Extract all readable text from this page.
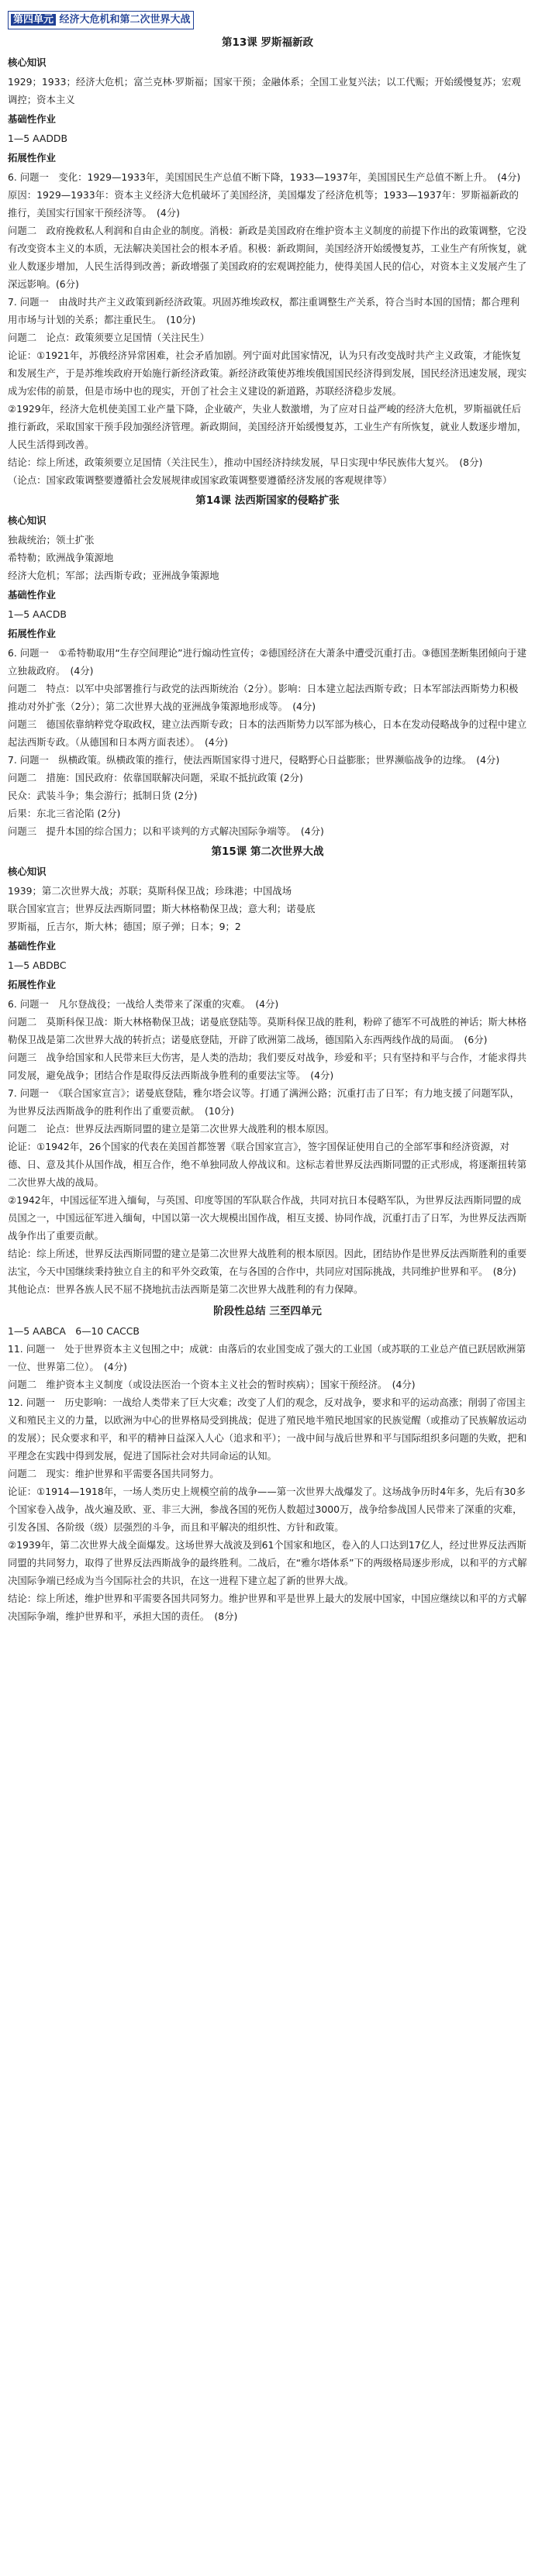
第四单元 经济大危机和第二次世界大战
第13课 罗斯福新政
核心知识

1929；1933；经济大危机；富兰克林·罗斯福；国家干预；金融体系；全国工业复兴法；以工代赈；开始缓慢复苏；宏观调控；资本主义

基础性作业

1—5 AADDB

拓展性作业

6. 问题一　变化：1929—1933年，美国国民生产总值不断下降，1933—1937年，美国国民生产总值不断上升。　(4分)　原因：1929—1933年：资本主义经济大危机破坏了美国经济，美国爆发了经济危机等；1933—1937年：罗斯福新政的推行，美国实行国家干预经济等。　(4分)

问题二　政府挽救私人利润和自由企业的制度。消极：新政是美国政府在维护资本主义制度的前提下作出的政策调整，它没有改变资本主义的本质，无法解决美国社会的根本矛盾。积极：新政期间，美国经济开始缓慢复苏，工业生产有所恢复，就业人数逐步增加，人民生活得到改善；新政增强了美国政府的宏观调控能力，使得美国人民的信心，对资本主义发展产生了深远影响。(6分)

7. 问题一　由战时共产主义政策到新经济政策。巩固苏维埃政权，都注重调整生产关系，符合当时本国的国情；都合理利用市场与计划的关系；都注重民生。　(10分)

问题二　论点：政策须要立足国情（关注民生）

论证：①1921年，苏俄经济异常困难，社会矛盾加剧。列宁面对此国家情况，认为只有改变战时共产主义政策，才能恢复和发展生产，于是苏维埃政府开始施行新经济政策。新经济政策使苏维埃俄国国民经济得到发展，国民经济迅速发展，现实成为宏伟的前景，但是市场中也的现实，开创了社会主义建设的新道路，苏联经济稳步发展。

②1929年，经济大危机使美国工业产量下降，企业破产，失业人数激增，为了应对日益严峻的经济大危机，罗斯福就任后推行新政，采取国家干预手段加强经济管理。新政期间，美国经济开始缓慢复苏，工业生产有所恢复，就业人数逐步增加，人民生活得到改善。

结论：综上所述，政策须要立足国情（关注民生），推动中国经济持续发展，早日实现中华民族伟大复兴。　(8分)

（论点：国家政策调整要遵循社会发展规律或国家政策调整要遵循经济发展的客观规律等）

第14课 法西斯国家的侵略扩张
核心知识

独裁统治；领土扩张

希特勒；欧洲战争策源地

经济大危机；军部；法西斯专政；亚洲战争策源地

基础性作业

1—5 AACDB

拓展性作业

6. 问题一　①希特勒取用“生存空间理论”进行煽动性宣传；②德国经济在大萧条中遭受沉重打击。③德国垄断集团倾向于建立独裁政府。　(4分)

问题二　特点：以军中央部署推行与政党的法西斯统治（2分）。影响：日本建立起法西斯专政；日本军部法西斯势力积极推动对外扩张（2分）；第二次世界大战的亚洲战争策源地形成等。　(4分)

问题三　德国依靠纳粹党夺取政权，建立法西斯专政；日本的法西斯势力以军部为核心，日本在发动侵略战争的过程中建立起法西斯专政。（从德国和日本两方面表述）。　(4分)

7. 问题一　纵横政策。纵横政策的推行，使法西斯国家得寸进尺，侵略野心日益膨胀；世界濒临战争的边缘。　(4分)

问题二　措施：国民政府：依靠国联解决问题，采取不抵抗政策 (2分)

民众：武装斗争；集会游行；抵制日货 (2分)

后果：东北三省沦陷 (2分)

问题三　提升本国的综合国力；以和平谈判的方式解决国际争端等。　(4分)

第15课 第二次世界大战
核心知识

1939；第二次世界大战；苏联；莫斯科保卫战；珍珠港；中国战场

联合国家宣言；世界反法西斯同盟；斯大林格勒保卫战；意大利；诺曼底

罗斯福，丘吉尔，斯大林；德国；原子弹；日本；9；2

基础性作业

1—5 ABDBC

拓展性作业

6. 问题一　凡尔登战役；一战给人类带来了深重的灾难。　(4分)

问题二　莫斯科保卫战：斯大林格勒保卫战；诺曼底登陆等。莫斯科保卫战的胜利，粉碎了德军不可战胜的神话；斯大林格勒保卫战是第二次世界大战的转折点；诺曼底登陆，开辟了欧洲第二战场，德国陷入东西两线作战的局面。　(6分)

问题三　战争给国家和人民带来巨大伤害，是人类的浩劫；我们要反对战争，珍爱和平；只有坚持和平与合作，才能求得共同发展，避免战争；团结合作是取得反法西斯战争胜利的重要法宝等。　(4分)

7. 问题一　《联合国家宣言》；诺曼底登陆，雅尔塔会议等。打通了满洲公路；沉重打击了日军；有力地支援了问题军队，为世界反法西斯战争的胜利作出了重要贡献。　(10分)

问题二　论点：世界反法西斯同盟的建立是第二次世界大战胜利的根本原因。

论证：①1942年，26个国家的代表在美国首都签署《联合国家宣言》，签字国保证使用自己的全部军事和经济资源，对德、日、意及其仆从国作战，相互合作，绝不单独同敌人停战议和。这标志着世界反法西斯同盟的正式形成，将逐渐扭转第二次世界大战的战局。

②1942年，中国远征军进入缅甸，与英国、印度等国的军队联合作战，共同对抗日本侵略军队，为世界反法西斯同盟的成员国之一，中国远征军进入缅甸，中国以第一次大规模出国作战，相互支援、协同作战，沉重打击了日军，为世界反法西斯战争作出了重要贡献。

结论：综上所述，世界反法西斯同盟的建立是第二次世界大战胜利的根本原因。因此，团结协作是世界反法西斯胜利的重要法宝，今天中国继续秉持独立自主的和平外交政策，在与各国的合作中，共同应对国际挑战，共同维护世界和平。　(8分)

其他论点：世界各族人民不屈不挠地抗击法西斯是第二次世界大战胜利的有力保障。

阶段性总结 三至四单元

1—5 AABCA　6—10 CACCB

11. 问题一　处于世界资本主义包围之中；成就：由落后的农业国变成了强大的工业国（或苏联的工业总产值已跃居欧洲第一位、世界第二位）。　(4分)

问题二　维护资本主义制度（或设法医治一个资本主义社会的暂时疾病）；国家干预经济。　(4分)

12. 问题一　历史影响：一战给人类带来了巨大灾难；改变了人们的观念，反对战争，要求和平的运动高涨；削弱了帝国主义和殖民主义的力量，以欧洲为中心的世界格局受到挑战；促进了殖民地半殖民地国家的民族觉醒（或推动了民族解放运动的发展）；民众要求和平，和平的精神日益深入人心（追求和平）；一战中间与战后世界和平与国际组织多问题的失败，把和平理念在实践中得到发展，促进了国际社会对共同命运的认知。

问题二　现实：维护世界和平需要各国共同努力。

论证：①1914—1918年，一场人类历史上规模空前的战争——第一次世界大战爆发了。这场战争历时4年多，先后有30多个国家卷入战争，战火遍及欧、亚、非三大洲，参战各国的死伤人数超过3000万，战争给参战国人民带来了深重的灾难，引发各国、各阶级（级）层强烈的斗争，而且和平解决的组织性、方针和政策。

②1939年，第二次世界大战全面爆发。这场世界大战波及到61个国家和地区，卷入的人口达到17亿人，经过世界反法西斯同盟的共同努力，取得了世界反法西斯战争的最终胜利。二战后，在“雅尔塔体系”下的两级格局逐步形成，以和平的方式解决国际争端已经成为当今国际社会的共识，在这一进程下建立起了新的世界大战。

结论：综上所述，维护世界和平需要各国共同努力。维护世界和平是世界上最大的发展中国家，中国应继续以和平的方式解决国际争端，维护世界和平，承担大国的责任。　(8分)
